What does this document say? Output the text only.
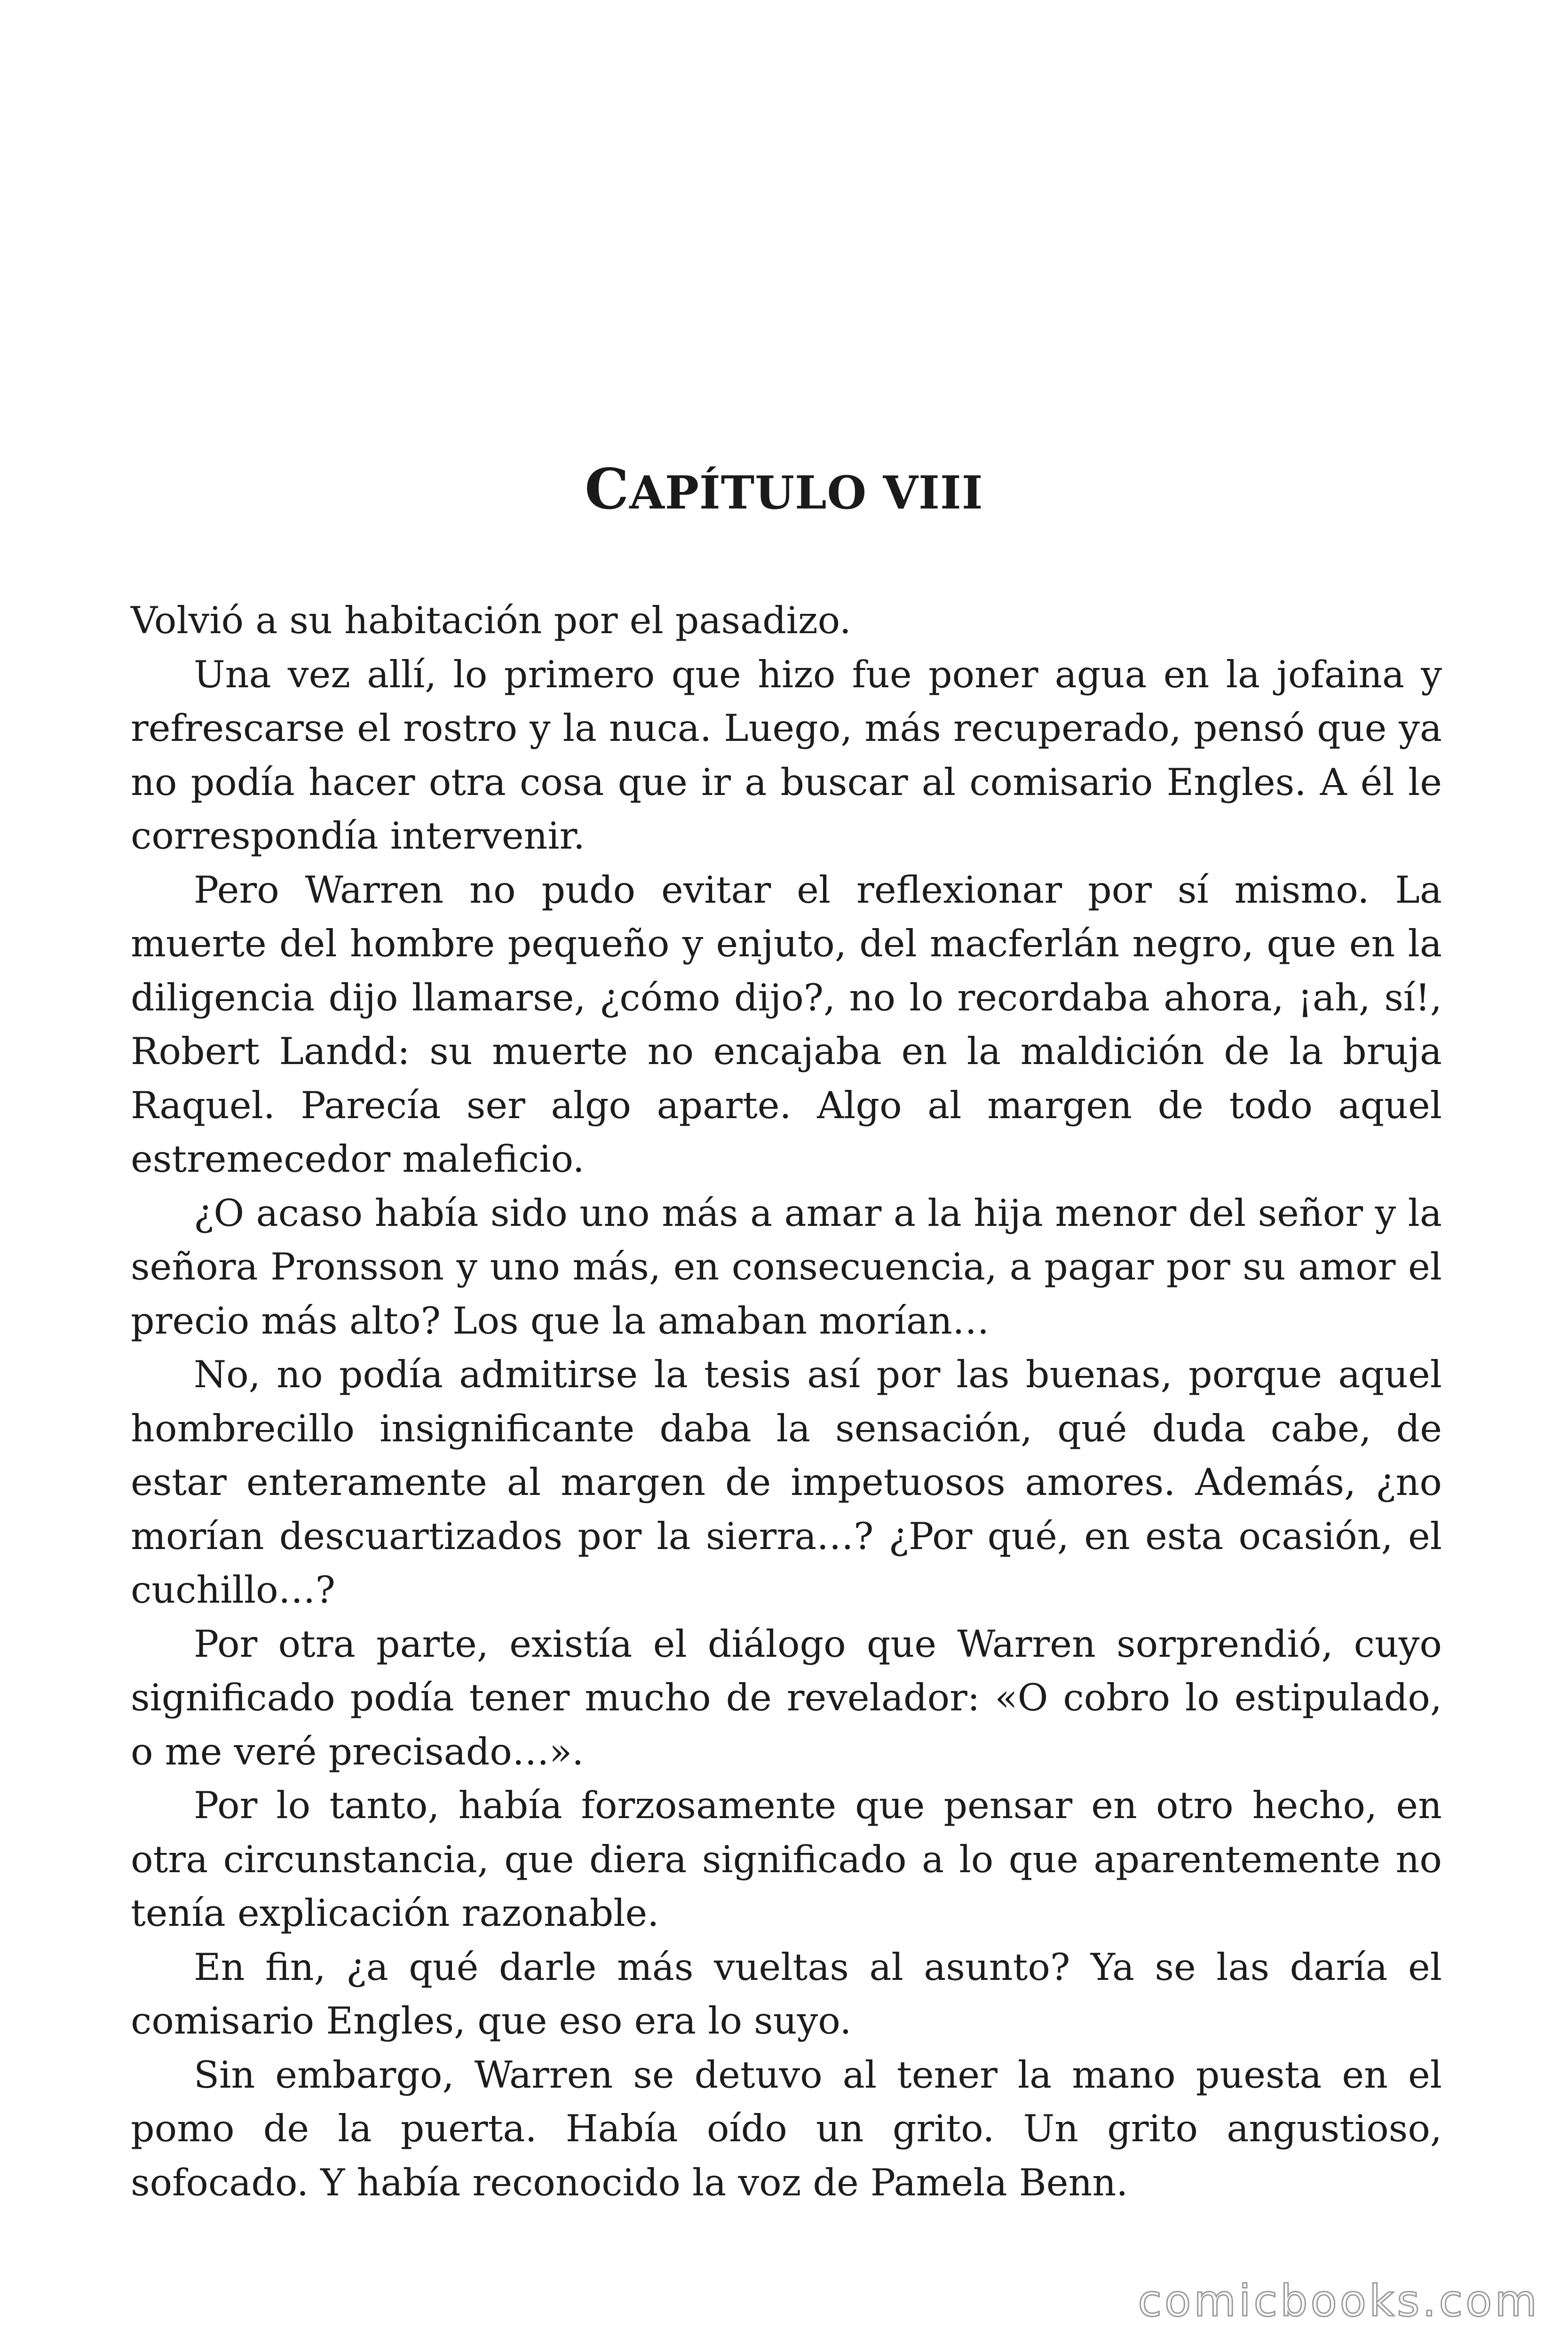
CAPÍTULO VIII

Volvió a su habitación por el pasadizo.

Una vez allí, lo primero que hizo fue poner agua en la jofaina y refrescarse el rostro y la nuca. Luego, más recuperado, pensó que ya no podía hacer otra cosa que ir a buscar al comisario Engles. A él le correspondía intervenir.

Pero Warren no pudo evitar el reflexionar por sí mismo. La muerte del hombre pequeño y enjuto, del macferlán negro, que en la diligencia dijo llamarse, ¿cómo dijo?, no lo recordaba ahora, ¡ah, sí!, Robert Landd: su muerte no encajaba en la maldición de la bruja Raquel. Parecía ser algo aparte. Algo al margen de todo aquel estremecedor maleficio.

¿O acaso había sido uno más a amar a la hija menor del señor y la señora Pronsson y uno más, en consecuencia, a pagar por su amor el precio más alto? Los que la amaban morían…

No, no podía admitirse la tesis así por las buenas, porque aquel hombrecillo insignificante daba la sensación, qué duda cabe, de estar enteramente al margen de impetuosos amores. Además, ¿no morían descuartizados por la sierra…? ¿Por qué, en esta ocasión, el cuchillo…?

Por otra parte, existía el diálogo que Warren sorprendió, cuyo significado podía tener mucho de revelador: «O cobro lo estipulado, o me veré precisado…».

Por lo tanto, había forzosamente que pensar en otro hecho, en otra circunstancia, que diera significado a lo que aparentemente no tenía explicación razonable.

En fin, ¿a qué darle más vueltas al asunto? Ya se las daría el comisario Engles, que eso era lo suyo.

Sin embargo, Warren se detuvo al tener la mano puesta en el pomo de la puerta. Había oído un grito. Un grito angustioso, sofocado. Y había reconocido la voz de Pamela Benn.

comicbooks.com
